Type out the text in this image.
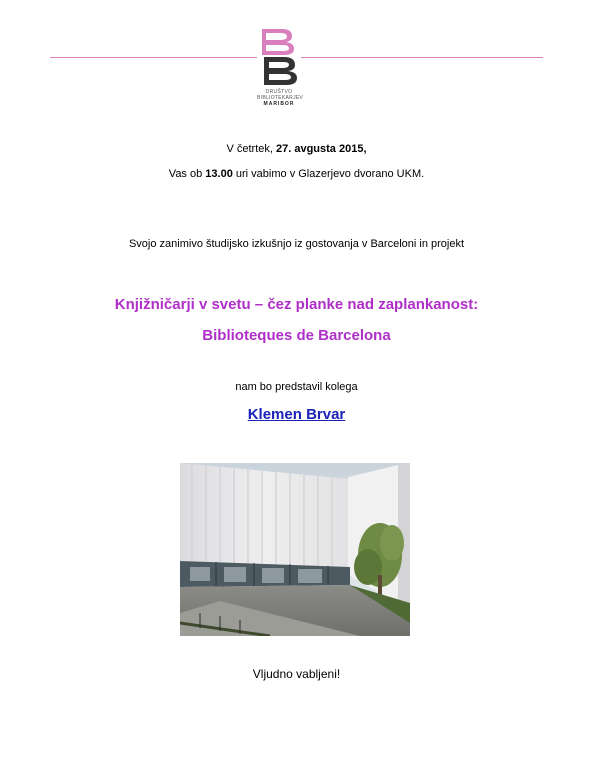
DRUŠTVO
BIBLIOTEKARJEV
MARIBOR
V četrtek, 27. avgusta 2015,
Vas ob 13.00 uri vabimo v Glazerjevo dvorano UKM.
Svojo zanimivo študijsko izkušnjo iz gostovanja v Barceloni in projekt
Knjižničarji v svetu – čez planke nad zaplankanost:
Biblioteques de Barcelona
nam bo predstavil kolega
Klemen Brvar
Vljudno vabljeni!
